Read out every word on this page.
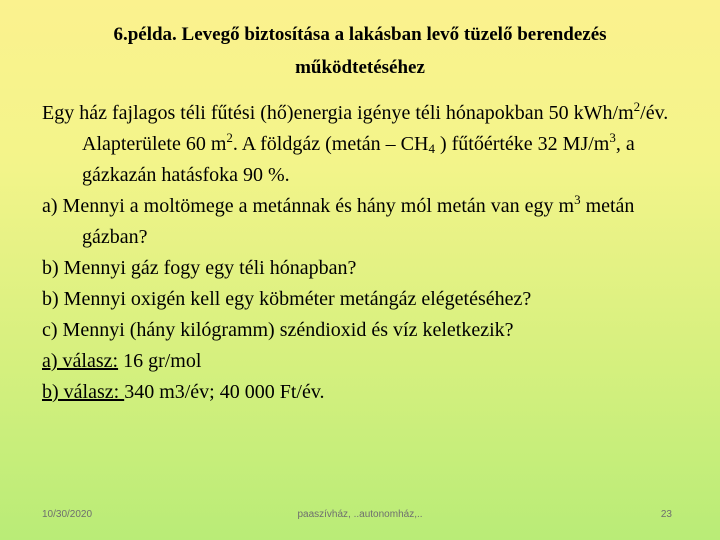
6.példa. Levegő biztosítása a lakásban levő tüzelő berendezés
működtetéséhez

Egy ház fajlagos téli fűtési (hő)energia igénye téli hónapokban 50 kWh/$m^2/év$. Alapterülete 60 $m^2$. A földgáz (metán – $CH_4$ ) fűtőértéke 32 $MJ/m^3$, a gázkazán hatásfoka 90 %.

a) Mennyi a moltömege a metánnak és hány mól metán van egy $m^3$ metán gázban?

b) Mennyi gáz fogy egy téli hónapban?

b) Mennyi oxigén kell egy köbméter metángáz elégetéséhez?

c) Mennyi (hány kilógramm) széndioxid és víz keletkezik?

a) válasz: 16 gr/mol

b) válasz: 340 m3/év; 40 000 Ft/év.

10/30/2020	paaszívház, ..autonomház,..	23
